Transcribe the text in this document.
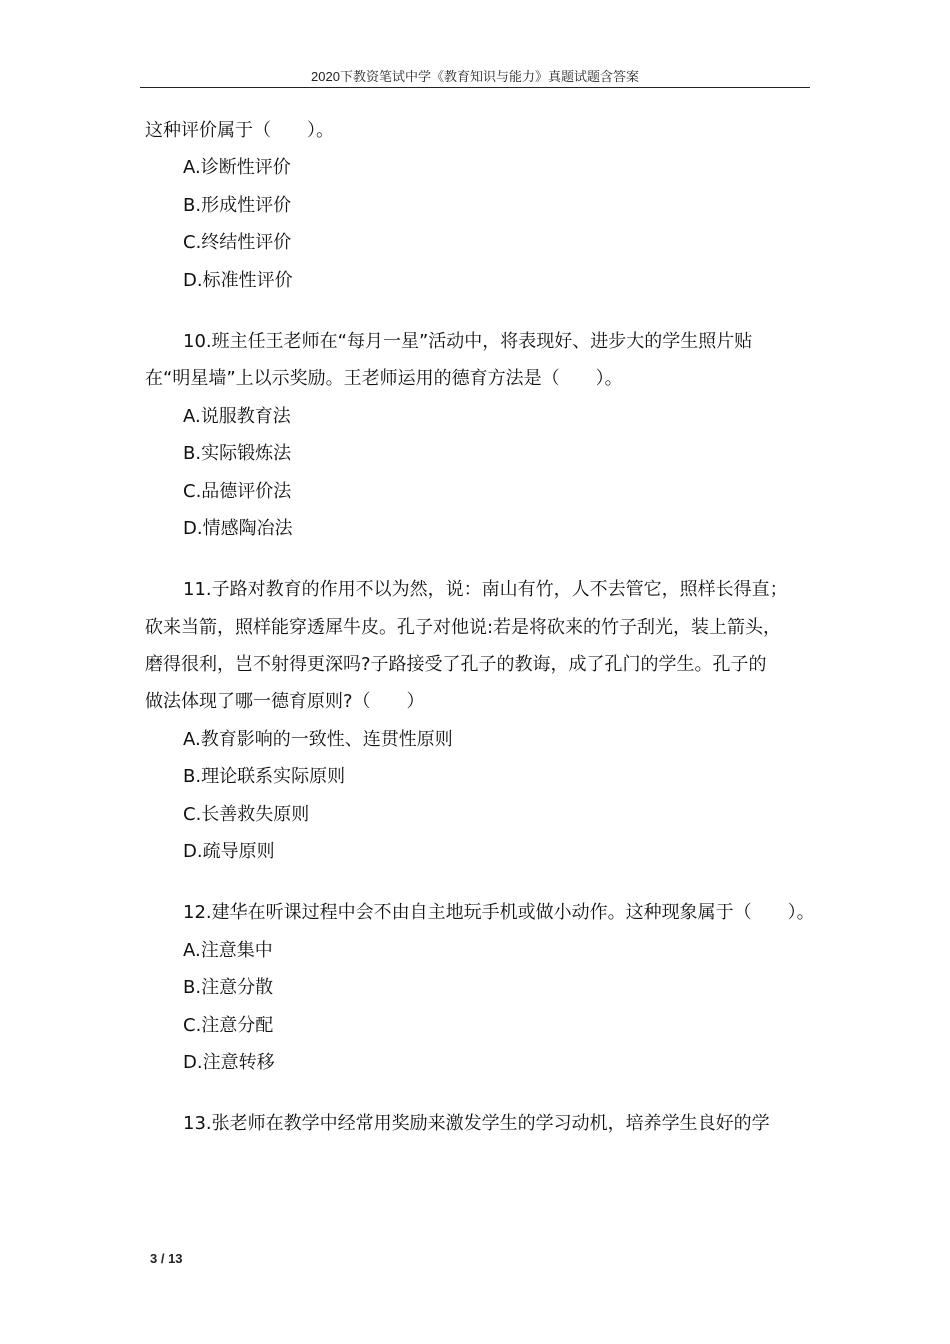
2020下教资笔试中学《教育知识与能力》真题试题含答案
这种评价属于（　　）。
A.诊断性评价
B.形成性评价
C.终结性评价
D.标准性评价
10.班主任王老师在“每月一星”活动中，将表现好、进步大的学生照片贴
在“明星墙”上以示奖励。王老师运用的德育方法是（　　）。
A.说服教育法
B.实际锻炼法
C.品德评价法
D.情感陶冶法
11.子路对教育的作用不以为然，说：南山有竹，人不去管它，照样长得直；
砍来当箭，照样能穿透犀牛皮。孔子对他说:若是将砍来的竹子刮光，装上箭头，
磨得很利，岂不射得更深吗?子路接受了孔子的教诲，成了孔门的学生。孔子的
做法体现了哪一德育原则?（　　）
A.教育影响的一致性、连贯性原则
B.理论联系实际原则
C.长善救失原则
D.疏导原则
12.建华在听课过程中会不由自主地玩手机或做小动作。这种现象属于（　　）。
A.注意集中
B.注意分散
C.注意分配
D.注意转移
13.张老师在教学中经常用奖励来激发学生的学习动机，培养学生良好的学
3 / 13
